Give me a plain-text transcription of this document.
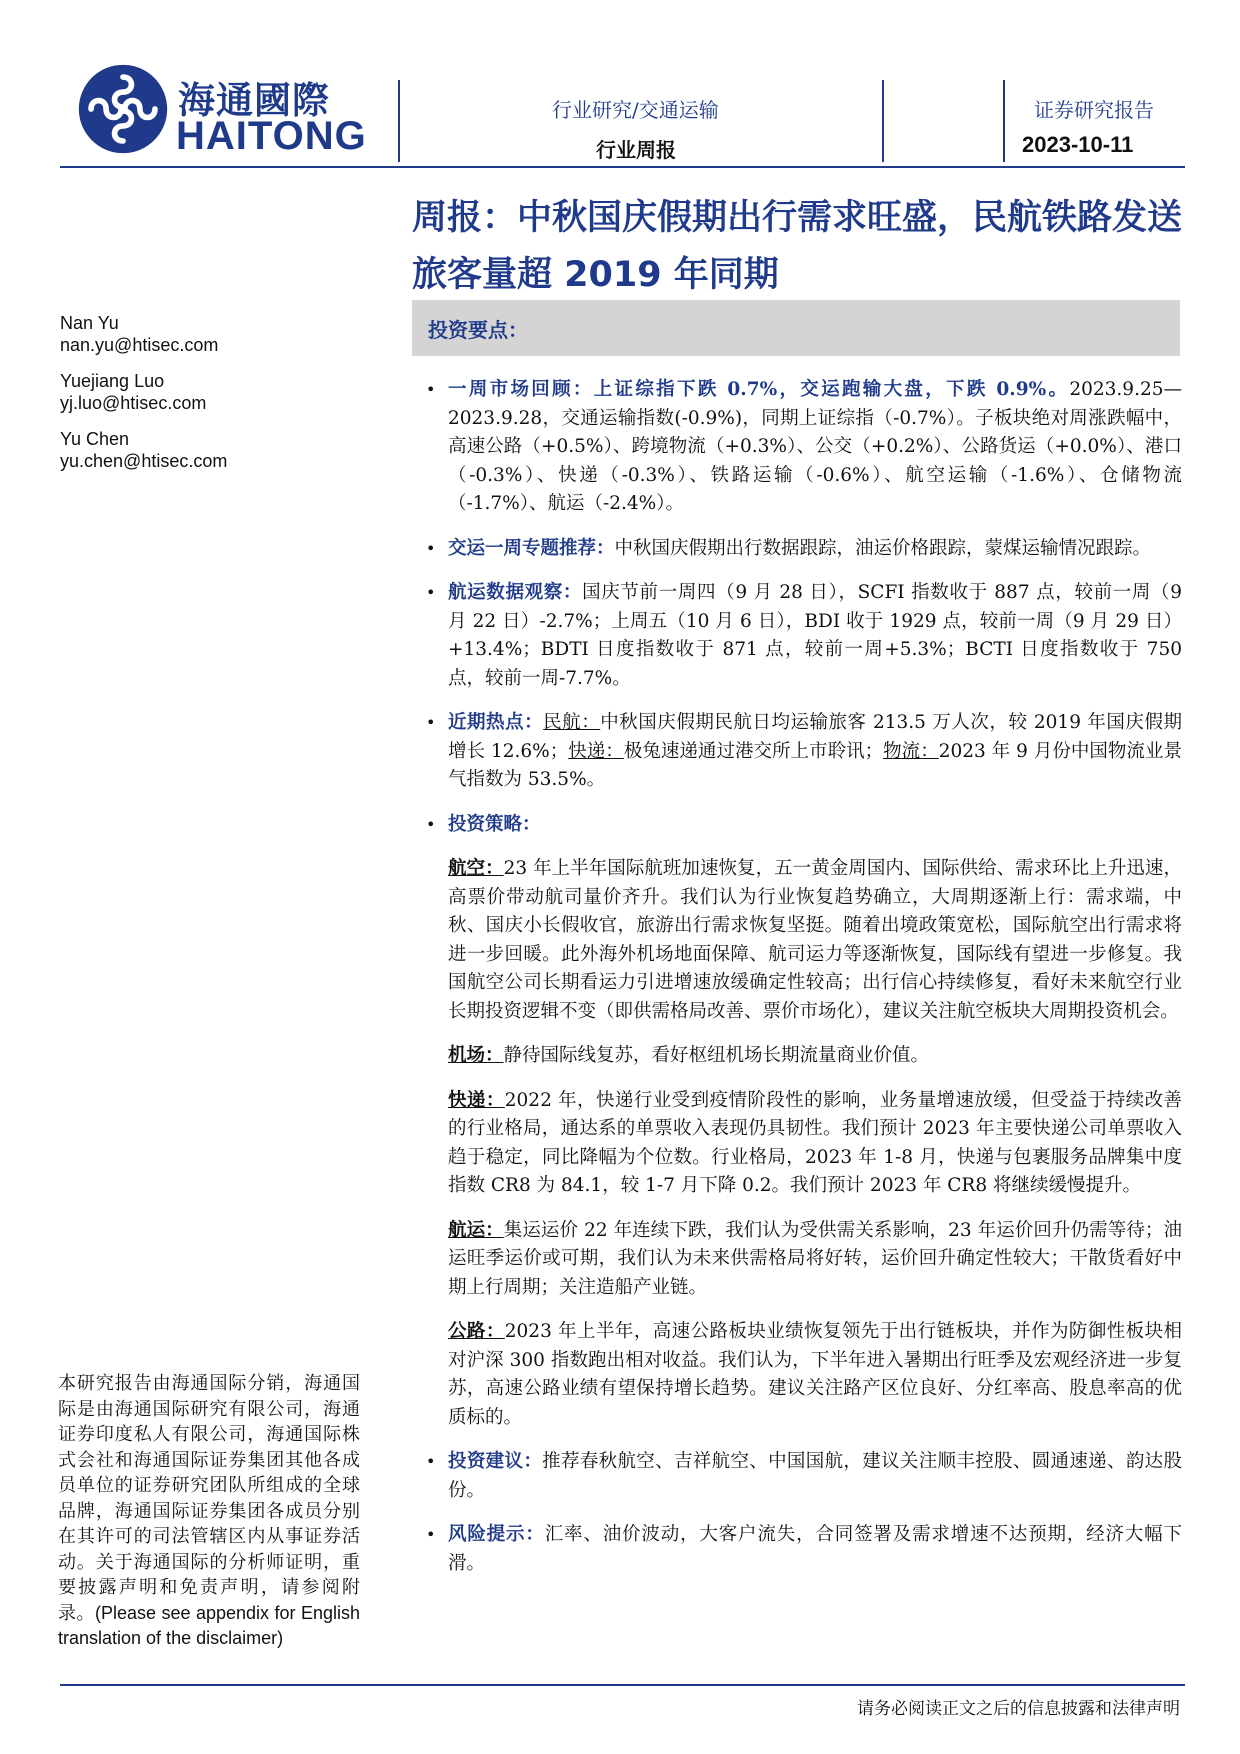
海通國際
HAITONG
行业研究/交通运输
行业周报
证券研究报告
2023-10-11
周报：中秋国庆假期出行需求旺盛，民航铁路发送旅客量超 2019 年同期
Nan Yu
nan.yu@htisec.com
Yuejiang Luo
yj.luo@htisec.com
Yu Chen
yu.chen@htisec.com
投资要点：
• 一周市场回顾：上证综指下跌 0.7%，交运跑输大盘，下跌 0.9%。2023.9.25—2023.9.28，交通运输指数(-0.9%)，同期上证综指（-0.7%）。子板块绝对周涨跌幅中，高速公路（+0.5%）、跨境物流（+0.3%）、公交（+0.2%）、公路货运（+0.0%）、港口（-0.3%）、快递（-0.3%）、铁路运输（-0.6%）、航空运输（-1.6%）、仓储物流（-1.7%）、航运（-2.4%）。
• 交运一周专题推荐：中秋国庆假期出行数据跟踪，油运价格跟踪，蒙煤运输情况跟踪。
• 航运数据观察：国庆节前一周四（9 月 28 日），SCFI 指数收于 887 点，较前一周（9 月 22 日）-2.7%；上周五（10 月 6 日），BDI 收于 1929 点，较前一周（9 月 29 日）+13.4%；BDTI 日度指数收于 871 点，较前一周+5.3%；BCTI 日度指数收于 750 点，较前一周-7.7%。
• 近期热点：民航：中秋国庆假期民航日均运输旅客 213.5 万人次，较 2019 年国庆假期增长 12.6%；快递：极兔速递通过港交所上市聆讯；物流：2023 年 9 月份中国物流业景气指数为 53.5%。
• 投资策略：
航空：23 年上半年国际航班加速恢复，五一黄金周国内、国际供给、需求环比上升迅速，高票价带动航司量价齐升。我们认为行业恢复趋势确立，大周期逐渐上行：需求端，中秋、国庆小长假收官，旅游出行需求恢复坚挺。随着出境政策宽松，国际航空出行需求将进一步回暖。此外海外机场地面保障、航司运力等逐渐恢复，国际线有望进一步修复。我国航空公司长期看运力引进增速放缓确定性较高；出行信心持续修复，看好未来航空行业长期投资逻辑不变（即供需格局改善、票价市场化），建议关注航空板块大周期投资机会。
机场：静待国际线复苏，看好枢纽机场长期流量商业价值。
快递：2022 年，快递行业受到疫情阶段性的影响，业务量增速放缓，但受益于持续改善的行业格局，通达系的单票收入表现仍具韧性。我们预计 2023 年主要快递公司单票收入趋于稳定，同比降幅为个位数。行业格局，2023 年 1-8 月，快递与包裹服务品牌集中度指数 CR8 为 84.1，较 1-7 月下降 0.2。我们预计 2023 年 CR8 将继续缓慢提升。
航运：集运运价 22 年连续下跌，我们认为受供需关系影响，23 年运价回升仍需等待；油运旺季运价或可期，我们认为未来供需格局将好转，运价回升确定性较大；干散货看好中期上行周期；关注造船产业链。
公路：2023 年上半年，高速公路板块业绩恢复领先于出行链板块，并作为防御性板块相对沪深 300 指数跑出相对收益。我们认为，下半年进入暑期出行旺季及宏观经济进一步复苏，高速公路业绩有望保持增长趋势。建议关注路产区位良好、分红率高、股息率高的优质标的。
• 投资建议：推荐春秋航空、吉祥航空、中国国航，建议关注顺丰控股、圆通速递、韵达股份。
• 风险提示：汇率、油价波动，大客户流失，合同签署及需求增速不达预期，经济大幅下滑。
本研究报告由海通国际分销，海通国际是由海通国际研究有限公司，海通证券印度私人有限公司，海通国际株式会社和海通国际证券集团其他各成员单位的证券研究团队所组成的全球品牌，海通国际证券集团各成员分别在其许可的司法管辖区内从事证券活动。关于海通国际的分析师证明，重要披露声明和免责声明，请参阅附录。(Please see appendix for English translation of the disclaimer)
请务必阅读正文之后的信息披露和法律声明
